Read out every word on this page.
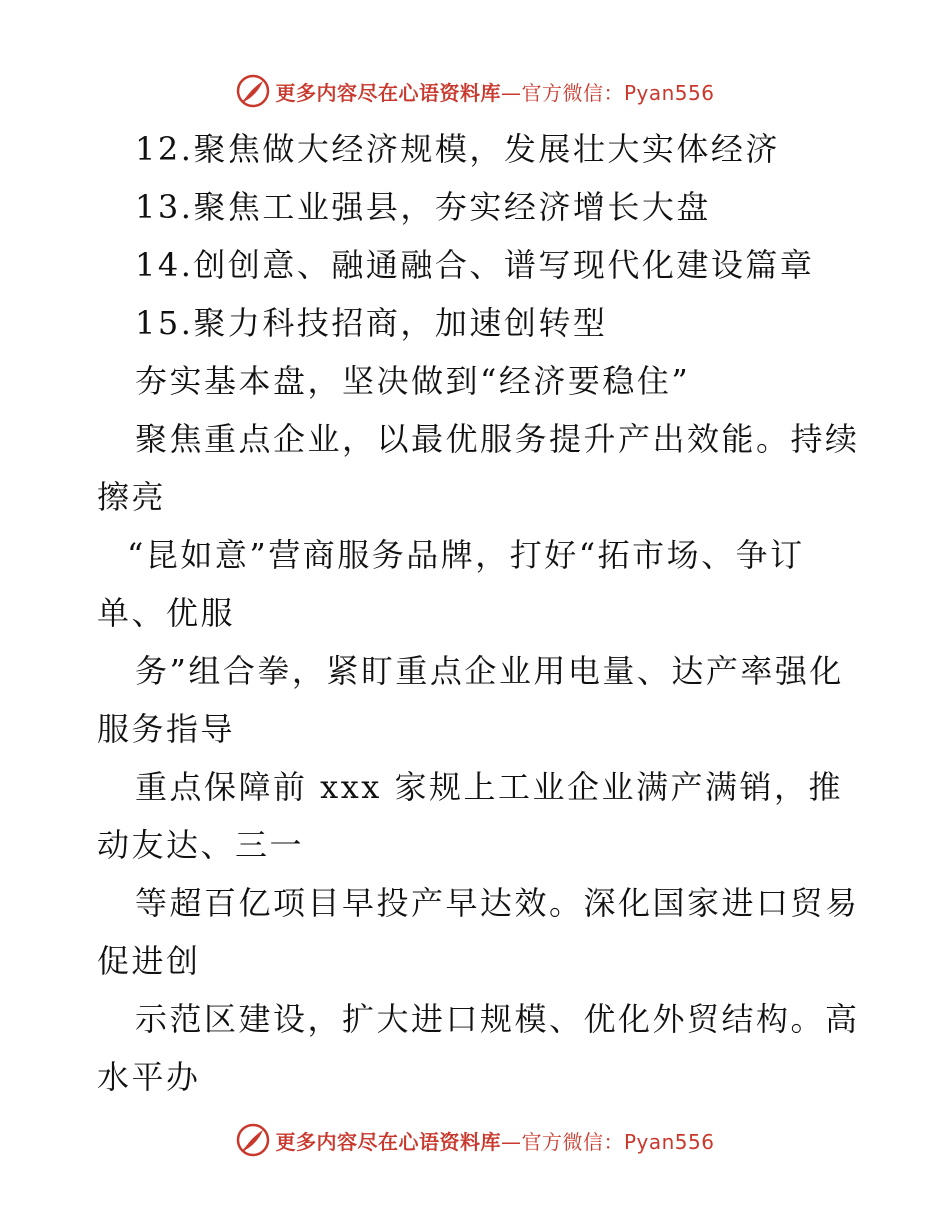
更多内容尽在心语资料库—官方微信：Pyan556
12.聚焦做大经济规模，发展壮大实体经济
13.聚焦工业强县，夯实经济增长大盘
14.创创意、融通融合、谱写现代化建设篇章
15.聚力科技招商，加速创转型
夯实基本盘，坚决做到“经济要稳住”
聚焦重点企业，以最优服务提升产出效能。持续
擦亮
“昆如意”营商服务品牌，打好“拓市场、争订
单、优服
务”组合拳，紧盯重点企业用电量、达产率强化
服务指导
重点保障前 xxx 家规上工业企业满产满销，推
动友达、三一
等超百亿项目早投产早达效。深化国家进口贸易
促进创
示范区建设，扩大进口规模、优化外贸结构。高
水平办
更多内容尽在心语资料库—官方微信：Pyan556
